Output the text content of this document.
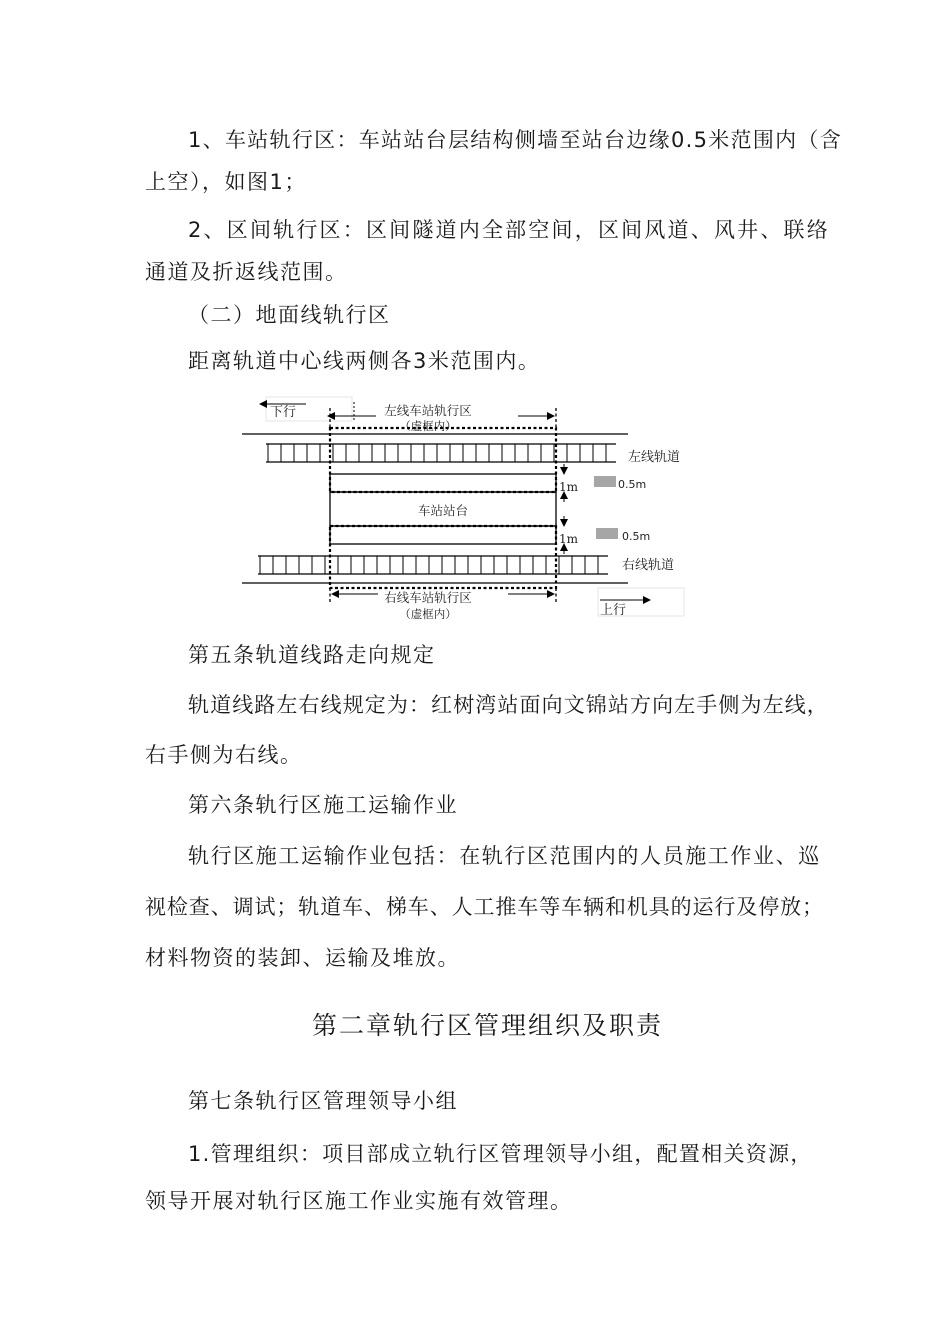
1、车站轨行区：车站站台层结构侧墙至站台边缘0.5米范围内（含
上空），如图1；
2、区间轨行区：区间隧道内全部空间，区间风道、风井、联络
通道及折返线范围。
（二）地面线轨行区
距离轨道中心线两侧各3米范围内。
下行	左线车站轨行区
（虚框内）
左线轨道
车站站台
1m
1m
0.5m
0.5m
右线轨道
右线车站轨行区
（虚框内）	上行
第五条轨道线路走向规定
轨道线路左右线规定为：红树湾站面向文锦站方向左手侧为左线，
右手侧为右线。
第六条轨行区施工运输作业
轨行区施工运输作业包括：在轨行区范围内的人员施工作业、巡
视检查、调试；轨道车、梯车、人工推车等车辆和机具的运行及停放；
材料物资的装卸、运输及堆放。
第二章轨行区管理组织及职责
第七条轨行区管理领导小组
1.管理组织：项目部成立轨行区管理领导小组，配置相关资源，
领导开展对轨行区施工作业实施有效管理。
